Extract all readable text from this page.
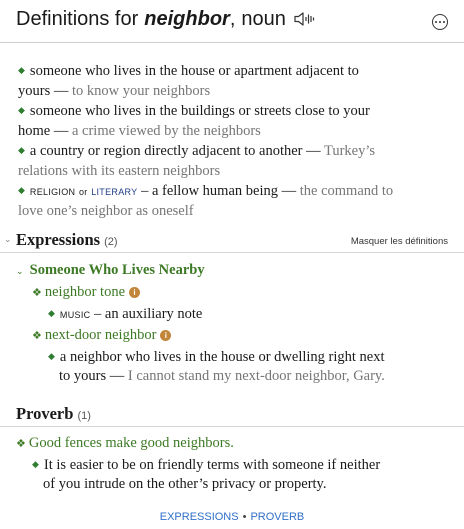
Definitions for neighbor , noun
◆ someone who lives in the house or apartment adjacent to
yours — to know your neighbors
◆ someone who lives in the buildings or streets close to your
home — a crime viewed by the neighbors
◆ a country or region directly adjacent to another — Turkey’s
relations with its eastern neighbors
◆ RELIGION or LITERARY – a fellow human being — the command to
love one’s neighbor as oneself
⌄ Expressions (2)	Masquer les définitions
⌄ Someone Who Lives Nearby
❖ neighbor tone i
◆ MUSIC – an auxiliary note
❖ next-door neighbor i
◆ a neighbor who lives in the house or dwelling right next
to yours — I cannot stand my next-door neighbor, Gary.
Proverb (1)
❖ Good fences make good neighbors.
◆ It is easier to be on friendly terms with someone if neither
of you intrude on the other’s privacy or property.
EXPRESSIONS • PROVERB
